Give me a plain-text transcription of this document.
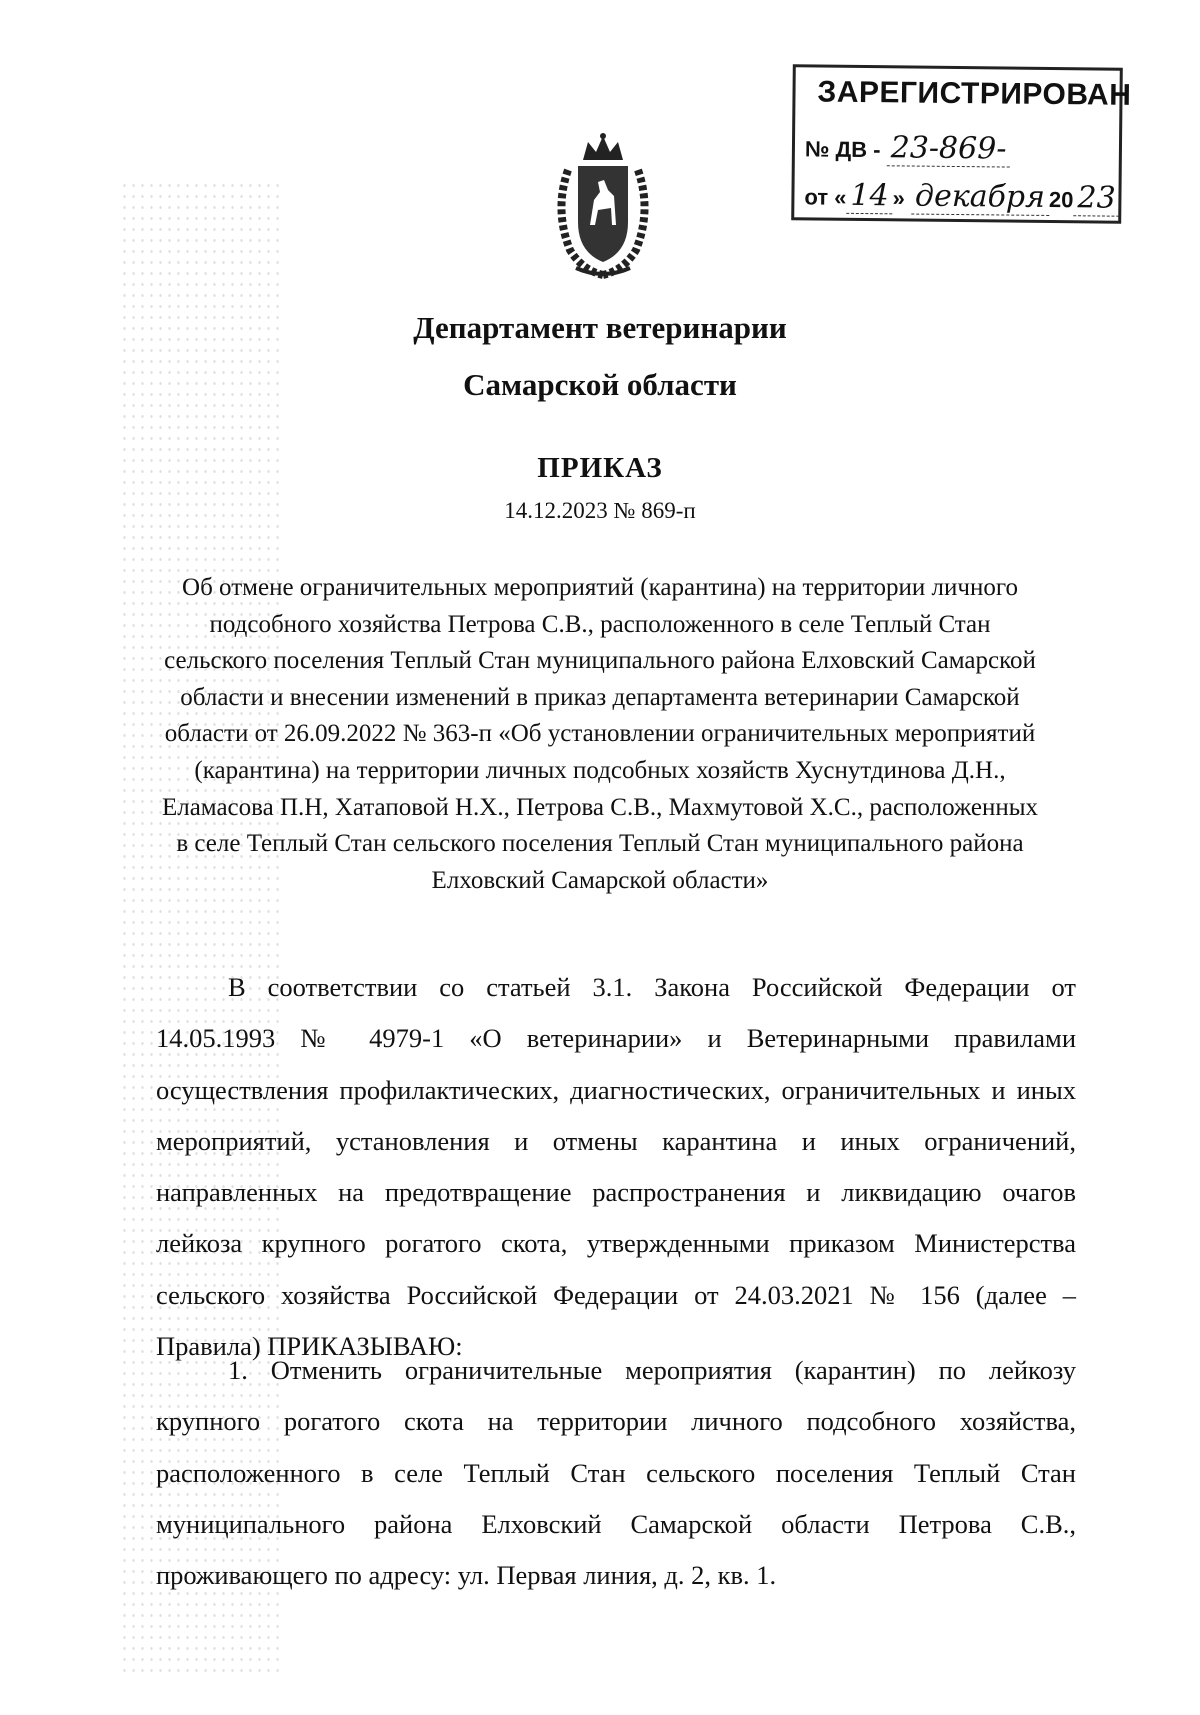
ЗАРЕГИСТРИРОВАН
№ ДВ - 23-869-
от « 14 » декабря 20 23
Департамент ветеринарии
Самарской области
ПРИКАЗ
14.12.2023 № 869-п
Об отмене ограничительных мероприятий (карантина) на территории личного подсобного хозяйства Петрова С.В., расположенного в селе Теплый Стан сельского поселения Теплый Стан муниципального района Елховский Самарской области и внесении изменений в приказ департамента ветеринарии Самарской области от 26.09.2022 № 363-п «Об установлении ограничительных мероприятий (карантина) на территории личных подсобных хозяйств Хуснутдинова Д.Н., Еламасова П.Н, Хатаповой Н.Х., Петрова С.В., Махмутовой Х.С., расположенных в селе Теплый Стан сельского поселения Теплый Стан муниципального района Елховский Самарской области»

В соответствии со статьей 3.1. Закона Российской Федерации от 14.05.1993 № 4979-1 «О ветеринарии» и Ветеринарными правилами осуществления профилактических, диагностических, ограничительных и иных мероприятий, установления и отмены карантина и иных ограничений, направленных на предотвращение распространения и ликвидацию очагов лейкоза крупного рогатого скота, утвержденными приказом Министерства сельского хозяйства Российской Федерации от 24.03.2021 № 156 (далее – Правила) ПРИКАЗЫВАЮ:

1. Отменить ограничительные мероприятия (карантин) по лейкозу крупного рогатого скота на территории личного подсобного хозяйства, расположенного в селе Теплый Стан сельского поселения Теплый Стан муниципального района Елховский Самарской области Петрова С.В., проживающего по адресу: ул. Первая линия, д. 2, кв. 1.
